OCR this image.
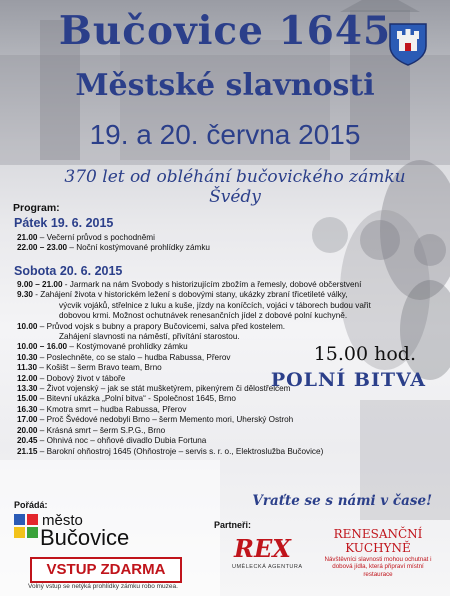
Bučovice 1645
Městské slavnosti
19. a 20. června 2015
370 let od obléhání bučovického zámku Švédy
Program:
Pátek 19. 6. 2015
21.00 – Večerní průvod s pochodněmi
22.00 – 23.00 – Noční kostýmované prohlídky zámku
Sobota 20. 6. 2015
9.00 – 21.00 - Jarmark na nám Svobody s historizujícím zbožím a řemesly, dobové občerstvení
9.30 - Zahájení života v historickém ležení s dobovými stany, ukázky zbraní třicetileté války,
výcvik vojáků, střelnice z luku a kuše, jízdy na koníčcích, vojáci v táborech budou vařit
dobovou krmi. Možnost ochutnávek renesančních jídel z dobové polní kuchyně.
10.00 – Průvod vojsk s bubny a prapory Bučovicemi, salva před kostelem.
Zahájení slavnosti na náměstí, přivítání starostou.
10.00 – 16.00 – Kostýmované prohlídky zámku
10.30 – Poslechněte, co se stalo – hudba Rabussa, Přerov
11.30 – Košišt – šerm Bravo team, Brno
12.00 – Dobový život v táboře
13.30 – Život vojenský – jak se stát mušketýrem, pikenýrem či dělostřelcem
15.00 – Bitevní ukázka „Polní bitva“ - Společnost 1645, Brno
16.30 – Kmotra smrt – hudba Rabussa, Přerov
17.00 – Proč Švédové nedobyli Brno – šerm Memento mori, Uherský Ostroh
20.00 – Krásná smrt – šerm S.P.G., Brno
20.45 – Ohnivá noc – ohňové divadlo Dubia Fortuna
21.15 – Barokní ohňostroj 1645 (Ohňostroje – servis s. r. o., Elektroslužba Bučovice)
15.00 hod.
POLNÍ BITVA
Vraťte se s námi v čase!
Pořádá:
město
Bučovice
VSTUP ZDARMA
Volný vstup se netýká prohlídky zámku robo muzea.
Partneři:
REX
UMĚLECKÁ AGENTURA
RENESANČNÍ
KUCHYNĚ
Návštěvníci slavnosti mohou ochutnat i dobová jídla, která připraví místní restaurace
